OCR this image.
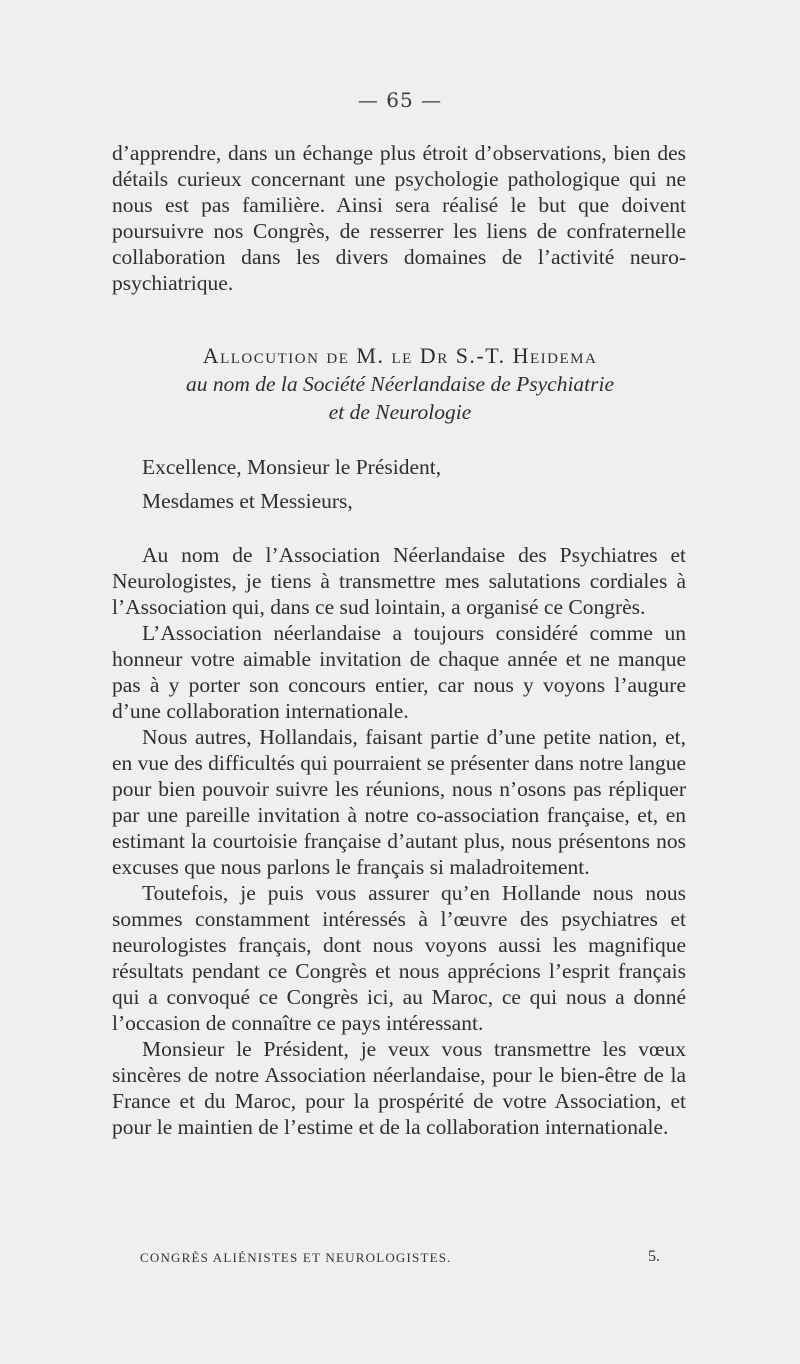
— 65 —

d’apprendre, dans un échange plus étroit d’observations, bien des détails curieux concernant une psychologie pathologique qui ne nous est pas familière. Ainsi sera réalisé le but que doivent poursuivre nos Congrès, de resserrer les liens de confraternelle collaboration dans les divers domaines de l’activité neuro-psychiatrique.

Allocution de M. le Dr S.-T. Heidema
au nom de la Société Néerlandaise de Psychiatrie
et de Neurologie

Excellence, Monsieur le Président,

Mesdames et Messieurs,

Au nom de l’Association Néerlandaise des Psychiatres et Neurologistes, je tiens à transmettre mes salutations cordiales à l’Association qui, dans ce sud lointain, a organisé ce Congrès.

L’Association néerlandaise a toujours considéré comme un honneur votre aimable invitation de chaque année et ne manque pas à y porter son concours entier, car nous y voyons l’augure d’une collaboration internationale.

Nous autres, Hollandais, faisant partie d’une petite nation, et, en vue des difficultés qui pourraient se présenter dans notre langue pour bien pouvoir suivre les réunions, nous n’osons pas répliquer par une pareille invitation à notre co-association française, et, en estimant la courtoisie française d’autant plus, nous présentons nos excuses que nous parlons le français si maladroitement.

Toutefois, je puis vous assurer qu’en Hollande nous nous sommes constamment intéressés à l’œuvre des psychiatres et neurologistes français, dont nous voyons aussi les magnifique résultats pendant ce Congrès et nous apprécions l’esprit français qui a convoqué ce Congrès ici, au Maroc, ce qui nous a donné l’occasion de connaître ce pays intéressant.

Monsieur le Président, je veux vous transmettre les vœux sincères de notre Association néerlandaise, pour le bien-être de la France et du Maroc, pour la prospérité de votre Association, et pour le maintien de l’estime et de la collaboration internationale.

CONGRÈS ALIÉNISTES ET NEUROLOGISTES.	5.
